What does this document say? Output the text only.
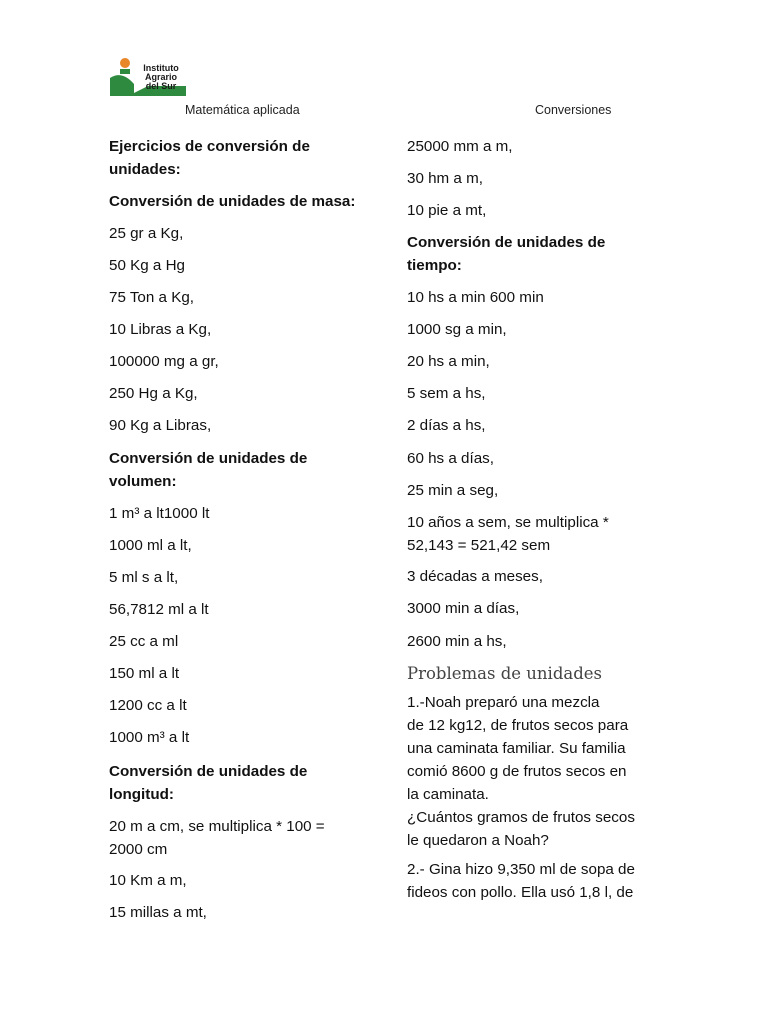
Instituto
Agrario
del Sur
Matemática aplicada	Conversiones
Ejercicios de conversión de
unidades:
Conversión de unidades de masa:
25 gr a Kg,
50 Kg a Hg
75 Ton a Kg,
10 Libras a Kg,
100000 mg a gr,
250 Hg a Kg,
90 Kg a Libras,
Conversión de unidades de
volumen:
1 m³ a lt1000 lt
1000 ml a lt,
5 ml s a lt,
56,7812 ml a lt
25 cc a ml
150 ml a lt
1200 cc a lt
1000 m³ a lt
Conversión de unidades de
longitud:
20 m a cm, se multiplica * 100 =
2000 cm
10 Km a m,
15 millas a mt,
25000 mm a m,
30 hm a m,
10 pie a mt,
Conversión de unidades de
tiempo:
10 hs a min 600 min
1000 sg a min,
20 hs a min,
5 sem a hs,
2 días a hs,
60 hs a días,
25 min a seg,
10 años a sem, se multiplica *
52,143 = 521,42 sem
3 décadas a meses,
3000 min a días,
2600 min a hs,
Problemas de unidades
1.-Noah preparó una mezcla
de 12 kg12, de frutos secos para
una caminata familiar. Su familia
comió 8600 g de frutos secos en
la caminata.
¿Cuántos gramos de frutos secos
le quedaron a Noah?
2.- Gina hizo 9,350 ml de sopa de
fideos con pollo. Ella usó 1,8 l, de
